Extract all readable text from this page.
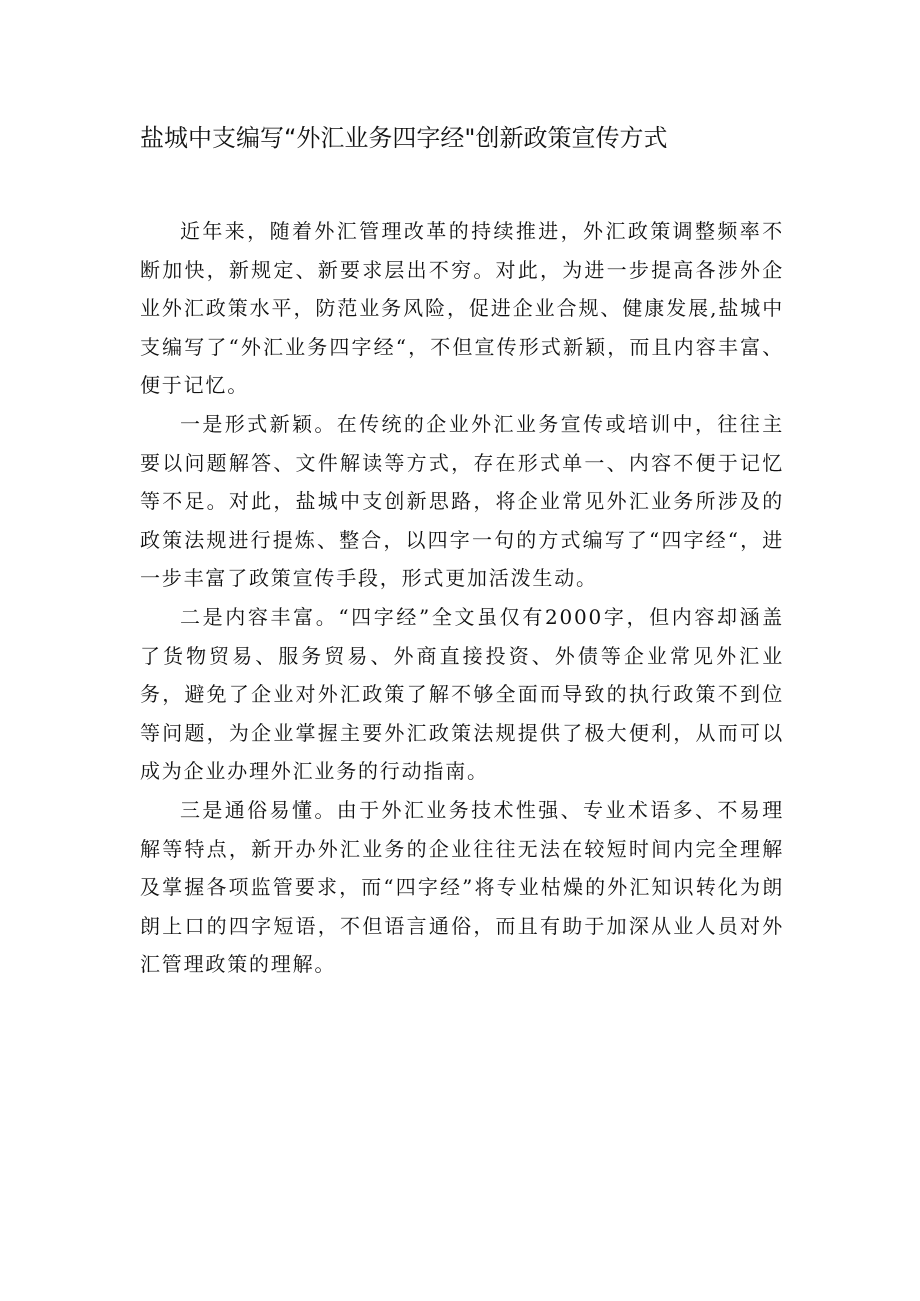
盐城中支编写“外汇业务四字经"创新政策宣传方式

近年来，随着外汇管理改革的持续推进，外汇政策调整频率不断加快，新规定、新要求层出不穷。对此，为进一步提高各涉外企业外汇政策水平，防范业务风险，促进企业合规、健康发展,盐城中支编写了“外汇业务四字经“，不但宣传形式新颖，而且内容丰富、便于记忆。

一是形式新颖。在传统的企业外汇业务宣传或培训中，往往主要以问题解答、文件解读等方式，存在形式单一、内容不便于记忆等不足。对此，盐城中支创新思路，将企业常见外汇业务所涉及的政策法规进行提炼、整合，以四字一句的方式编写了“四字经“，进一步丰富了政策宣传手段，形式更加活泼生动。

二是内容丰富。“四字经”全文虽仅有2000字，但内容却涵盖了货物贸易、服务贸易、外商直接投资、外债等企业常见外汇业务，避免了企业对外汇政策了解不够全面而导致的执行政策不到位等问题，为企业掌握主要外汇政策法规提供了极大便利，从而可以成为企业办理外汇业务的行动指南。

三是通俗易懂。由于外汇业务技术性强、专业术语多、不易理解等特点，新开办外汇业务的企业往往无法在较短时间内完全理解及掌握各项监管要求，而“四字经”将专业枯燥的外汇知识转化为朗朗上口的四字短语，不但语言通俗，而且有助于加深从业人员对外汇管理政策的理解。
